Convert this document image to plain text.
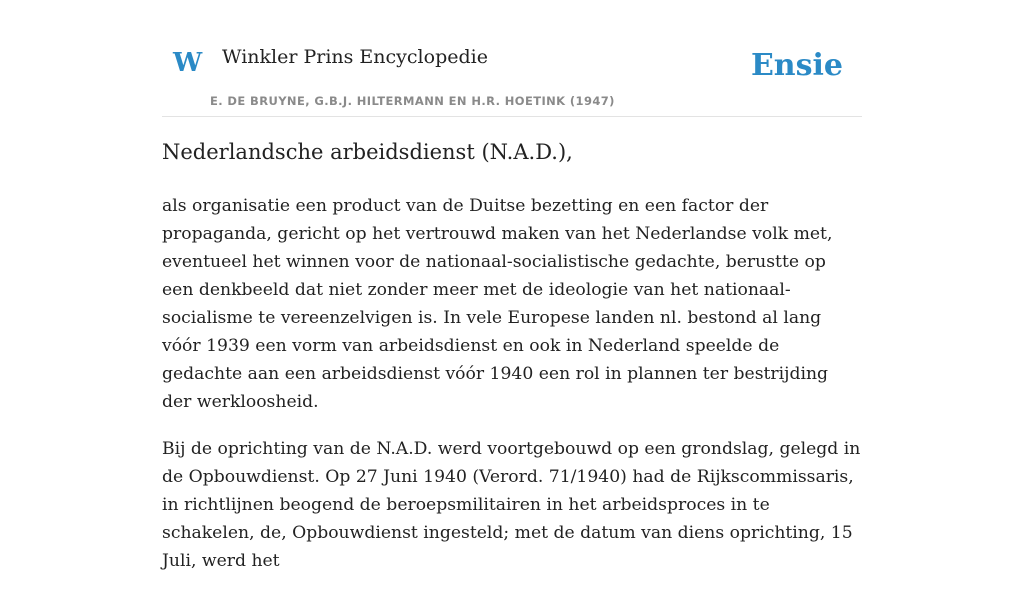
W Winkler Prins Encyclopedie
E. DE BRUYNE, G.B.J. HILTERMANN EN H.R. HOETINK (1947)
Ensie
Nederlandsche arbeidsdienst (N.A.D.),

als organisatie een product van de Duitse bezetting en een factor der propaganda, gericht op het vertrouwd maken van het Nederlandse volk met, eventueel het winnen voor de nationaal-socialistische gedachte, berustte op een denkbeeld dat niet zonder meer met de ideologie van het nationaal-socialisme te vereenzelvigen is. In vele Europese landen nl. bestond al lang vóór 1939 een vorm van arbeidsdienst en ook in Nederland speelde de gedachte aan een arbeidsdienst vóór 1940 een rol in plannen ter bestrijding der werkloosheid.

Bij de oprichting van de N.A.D. werd voortgebouwd op een grondslag, gelegd in de Opbouwdienst. Op 27 Juni 1940 (Verord. 71/1940) had de Rijkscommissaris, in richtlijnen beogend de beroepsmilitairen in het arbeidsproces in te schakelen, de, Opbouwdienst ingesteld; met de datum van diens oprichting, 15 Juli, werd het
